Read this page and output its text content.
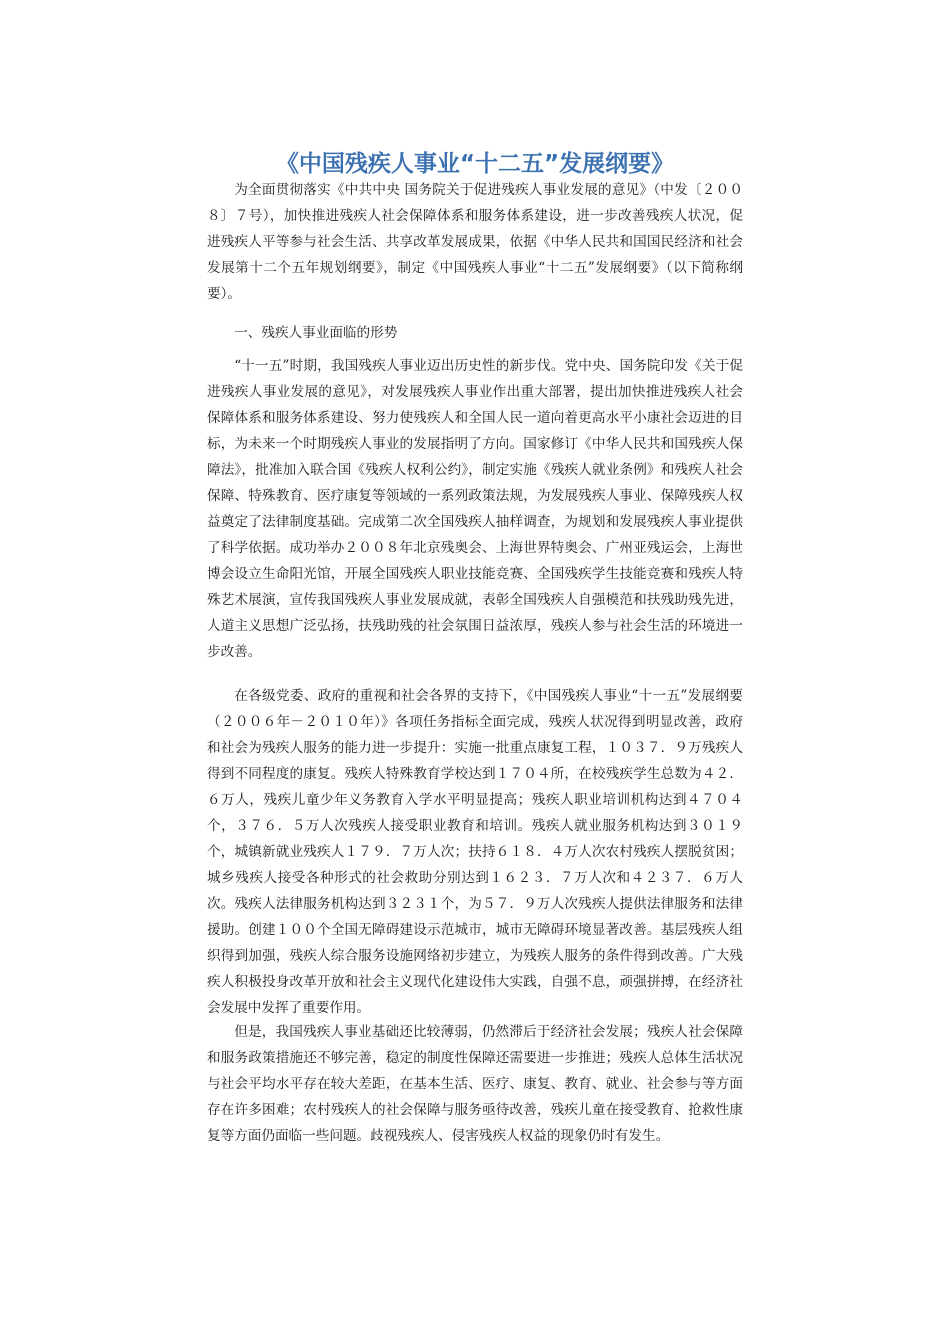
《中国残疾人事业“十二五”发展纲要》

为全面贯彻落实《中共中央 国务院关于促进残疾人事业发展的意见》（中发〔２００８〕７号），加快推进残疾人社会保障体系和服务体系建设，进一步改善残疾人状况，促进残疾人平等参与社会生活、共享改革发展成果，依据《中华人民共和国国民经济和社会发展第十二个五年规划纲要》，制定《中国残疾人事业“十二五”发展纲要》（以下简称纲要）。

一、残疾人事业面临的形势

“十一五”时期，我国残疾人事业迈出历史性的新步伐。党中央、国务院印发《关于促进残疾人事业发展的意见》，对发展残疾人事业作出重大部署，提出加快推进残疾人社会保障体系和服务体系建设、努力使残疾人和全国人民一道向着更高水平小康社会迈进的目标，为未来一个时期残疾人事业的发展指明了方向。国家修订《中华人民共和国残疾人保障法》，批准加入联合国《残疾人权利公约》，制定实施《残疾人就业条例》和残疾人社会保障、特殊教育、医疗康复等领域的一系列政策法规，为发展残疾人事业、保障残疾人权益奠定了法律制度基础。完成第二次全国残疾人抽样调查，为规划和发展残疾人事业提供了科学依据。成功举办２００８年北京残奥会、上海世界特奥会、广州亚残运会，上海世博会设立生命阳光馆，开展全国残疾人职业技能竞赛、全国残疾学生技能竞赛和残疾人特殊艺术展演，宣传我国残疾人事业发展成就，表彰全国残疾人自强模范和扶残助残先进，人道主义思想广泛弘扬，扶残助残的社会氛围日益浓厚，残疾人参与社会生活的环境进一步改善。

在各级党委、政府的重视和社会各界的支持下，《中国残疾人事业“十一五”发展纲要（２００６年－２０１０年）》各项任务指标全面完成，残疾人状况得到明显改善，政府和社会为残疾人服务的能力进一步提升：实施一批重点康复工程，１０３７．９万残疾人得到不同程度的康复。残疾人特殊教育学校达到１７０４所，在校残疾学生总数为４２．６万人，残疾儿童少年义务教育入学水平明显提高；残疾人职业培训机构达到４７０４个，３７６．５万人次残疾人接受职业教育和培训。残疾人就业服务机构达到３０１９个，城镇新就业残疾人１７９．７万人次；扶持６１８．４万人次农村残疾人摆脱贫困；城乡残疾人接受各种形式的社会救助分别达到１６２３．７万人次和４２３７．６万人次。残疾人法律服务机构达到３２３１个，为５７．９万人次残疾人提供法律服务和法律援助。创建１００个全国无障碍建设示范城市，城市无障碍环境显著改善。基层残疾人组织得到加强，残疾人综合服务设施网络初步建立，为残疾人服务的条件得到改善。广大残疾人积极投身改革开放和社会主义现代化建设伟大实践，自强不息，顽强拼搏，在经济社会发展中发挥了重要作用。

但是，我国残疾人事业基础还比较薄弱，仍然滞后于经济社会发展；残疾人社会保障和服务政策措施还不够完善，稳定的制度性保障还需要进一步推进；残疾人总体生活状况与社会平均水平存在较大差距，在基本生活、医疗、康复、教育、就业、社会参与等方面存在许多困难；农村残疾人的社会保障与服务亟待改善，残疾儿童在接受教育、抢救性康复等方面仍面临一些问题。歧视残疾人、侵害残疾人权益的现象仍时有发生。
